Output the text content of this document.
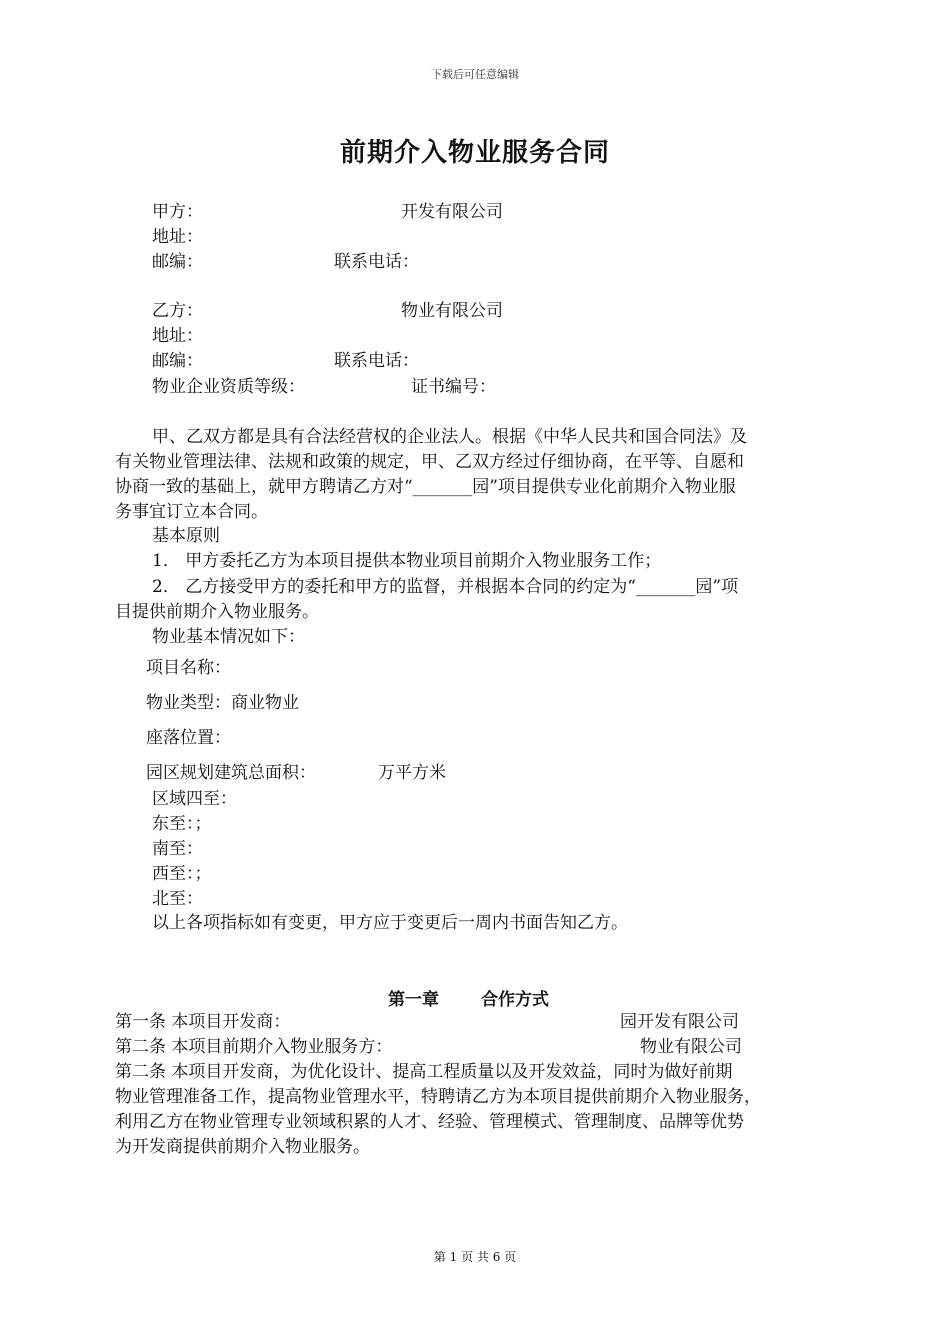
下载后可任意编辑
前期介入物业服务合同
甲方：	开发有限公司
地址：
邮编：	联系电话：
乙方：	物业有限公司
地址：
邮编：	联系电话：
物业企业资质等级：	证书编号：
甲、乙双方都是具有合法经营权的企业法人。根据《中华人民共和国合同法》及
有关物业管理法律、法规和政策的规定，甲、乙双方经过仔细协商，在平等、自愿和
协商一致的基础上，就甲方聘请乙方对“_______园”项目提供专业化前期介入物业服
务事宜订立本合同。
基本原则
1． 甲方委托乙方为本项目提供本物业项目前期介入物业服务工作；
2． 乙方接受甲方的委托和甲方的监督，并根据本合同的约定为“_______园”项
目提供前期介入物业服务。
物业基本情况如下：
项目名称：
物业类型：商业物业
座落位置：
园区规划建筑总面积：	万平方米
区域四至：
东至：；
南至：
西至：；
北至：
以上各项指标如有变更，甲方应于变更后一周内书面告知乙方。
第一章 合作方式
第一条 本项目开发商：	园开发有限公司
第二条 本项目前期介入物业服务方：	物业有限公司
第二条 本项目开发商，为优化设计、提高工程质量以及开发效益，同时为做好前期
物业管理准备工作，提高物业管理水平，特聘请乙方为本项目提供前期介入物业服务，
利用乙方在物业管理专业领域积累的人才、经验、管理模式、管理制度、品牌等优势
为开发商提供前期介入物业服务。
第 1 页 共 6 页
